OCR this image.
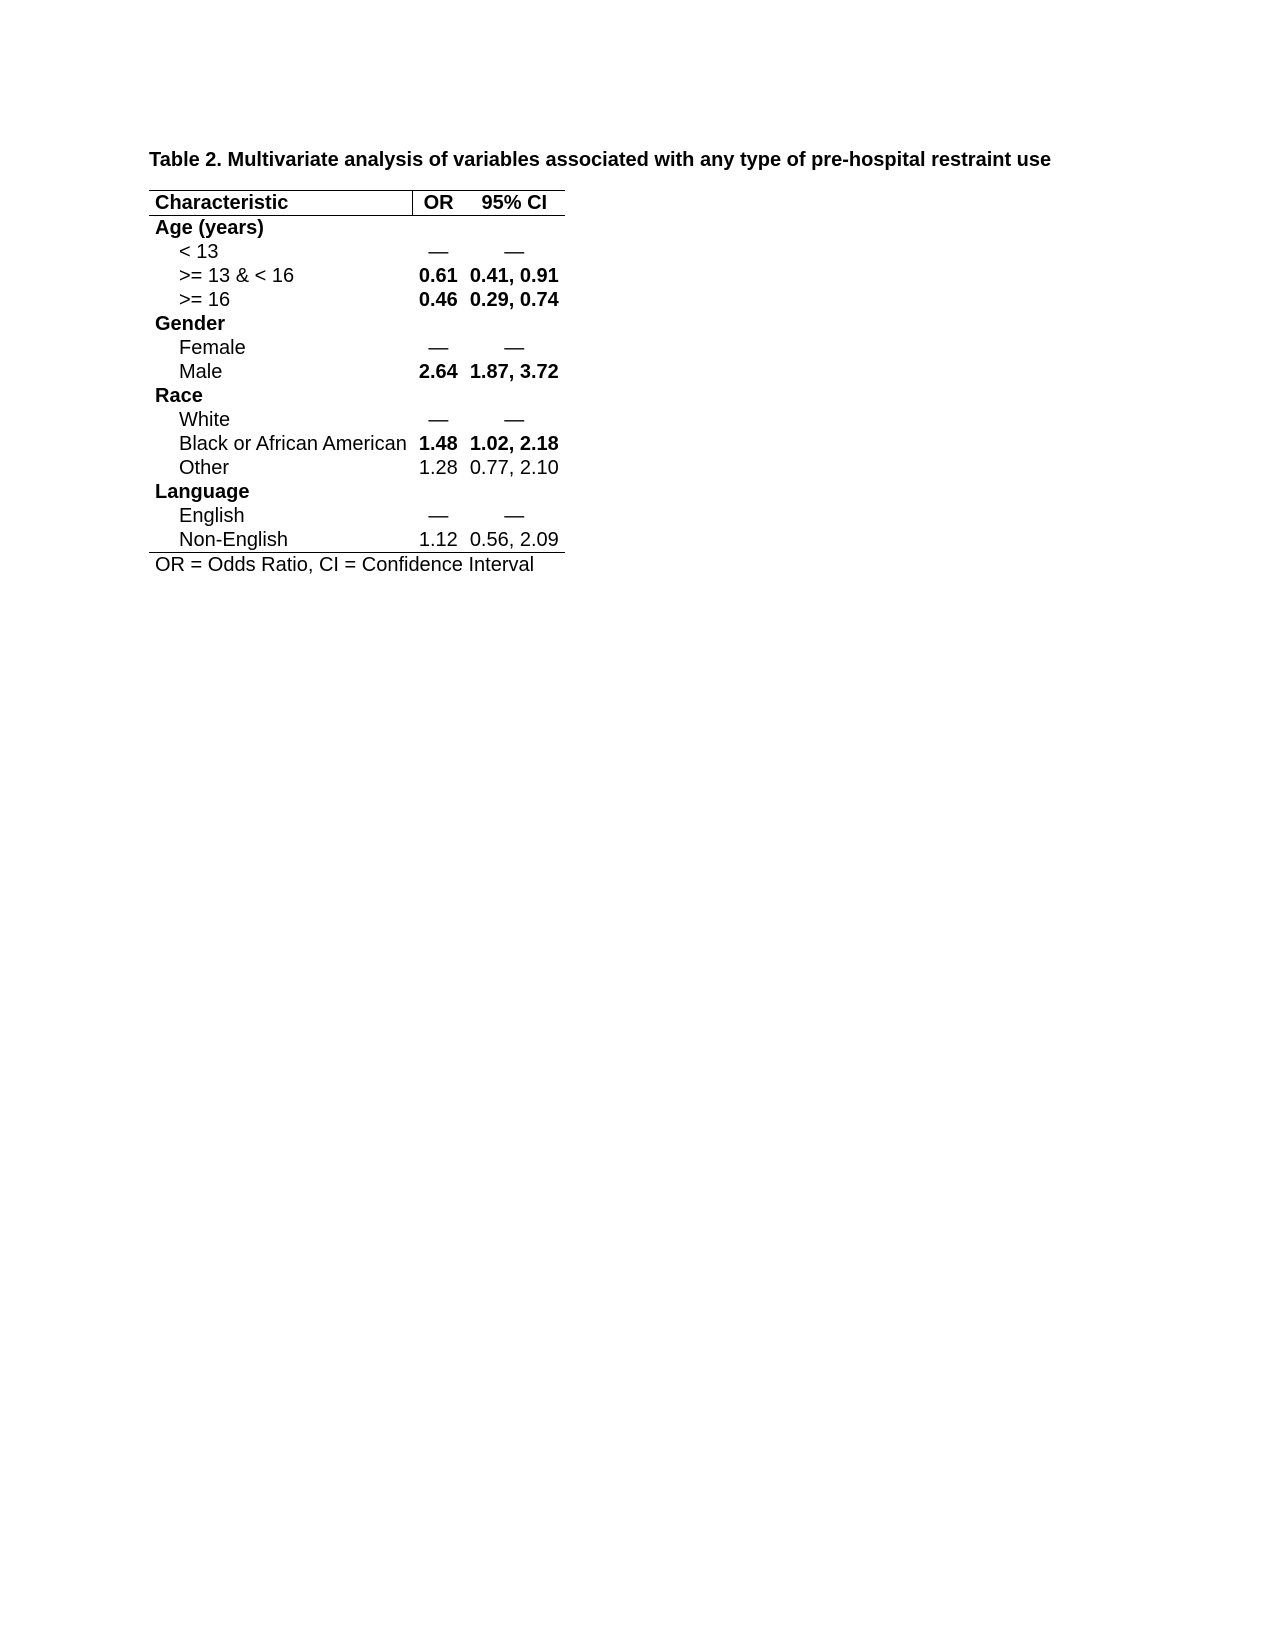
Table 2. Multivariate analysis of variables associated with any type of pre-hospital restraint use
Characteristic	OR	95% CI
Age (years)		
< 13	—	—
>= 13 & < 16	0.61	0.41, 0.91
>= 16	0.46	0.29, 0.74
Gender		
Female	—	—
Male	2.64	1.87, 3.72
Race		
White	—	—
Black or African American	1.48	1.02, 2.18
Other	1.28	0.77, 2.10
Language		
English	—	—
Non-English	1.12	0.56, 2.09
OR = Odds Ratio, CI = Confidence Interval		
